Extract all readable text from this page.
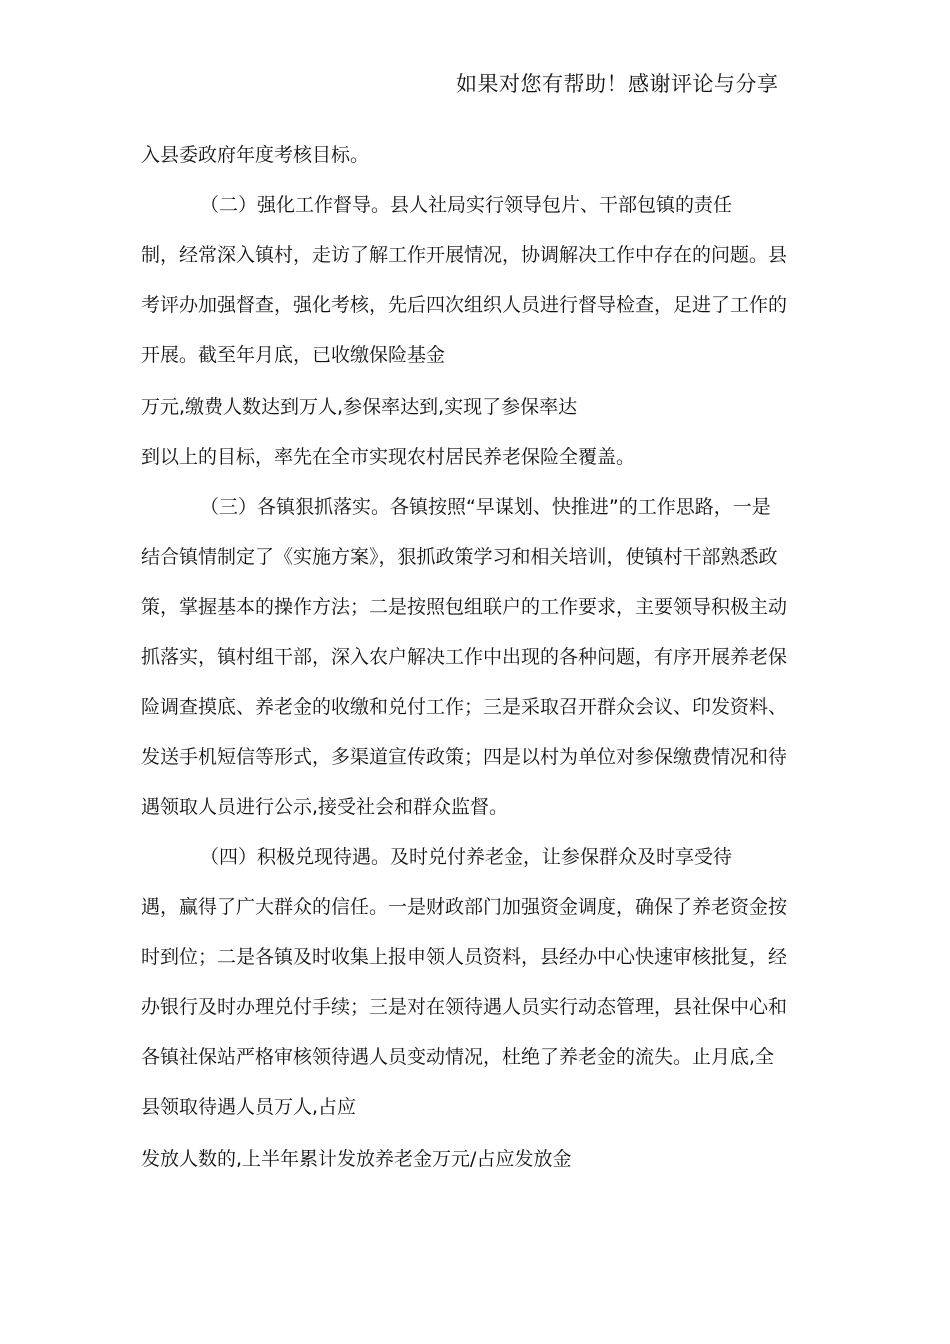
如果对您有帮助！感谢评论与分享
入县委政府年度考核目标。
（二）强化工作督导。县人社局实行领导包片、干部包镇的责任
制，经常深入镇村，走访了解工作开展情况，协调解决工作中存在的问题。县
考评办加强督查，强化考核，先后四次组织人员进行督导检查，足进了工作的
开展。截至年月底，已收缴保险基金
万元,缴费人数达到万人,参保率达到,实现了参保率达
到以上的目标，率先在全市实现农村居民养老保险全覆盖。
（三）各镇狠抓落实。各镇按照“早谋划、快推进”的工作思路，一是
结合镇情制定了《实施方案》，狠抓政策学习和相关培训，使镇村干部熟悉政
策，掌握基本的操作方法；二是按照包组联户的工作要求，主要领导积极主动
抓落实，镇村组干部，深入农户解决工作中出现的各种问题，有序开展养老保
险调查摸底、养老金的收缴和兑付工作；三是采取召开群众会议、印发资料、
发送手机短信等形式，多渠道宣传政策；四是以村为单位对参保缴费情况和待
遇领取人员进行公示,接受社会和群众监督。
（四）积极兑现待遇。及时兑付养老金，让参保群众及时享受待
遇，赢得了广大群众的信任。一是财政部门加强资金调度，确保了养老资金按
时到位；二是各镇及时收集上报申领人员资料，县经办中心快速审核批复，经
办银行及时办理兑付手续；三是对在领待遇人员实行动态管理，县社保中心和
各镇社保站严格审核领待遇人员变动情况，杜绝了养老金的流失。止月底,全
县领取待遇人员万人,占应
发放人数的,上半年累计发放养老金万元/占应发放金
